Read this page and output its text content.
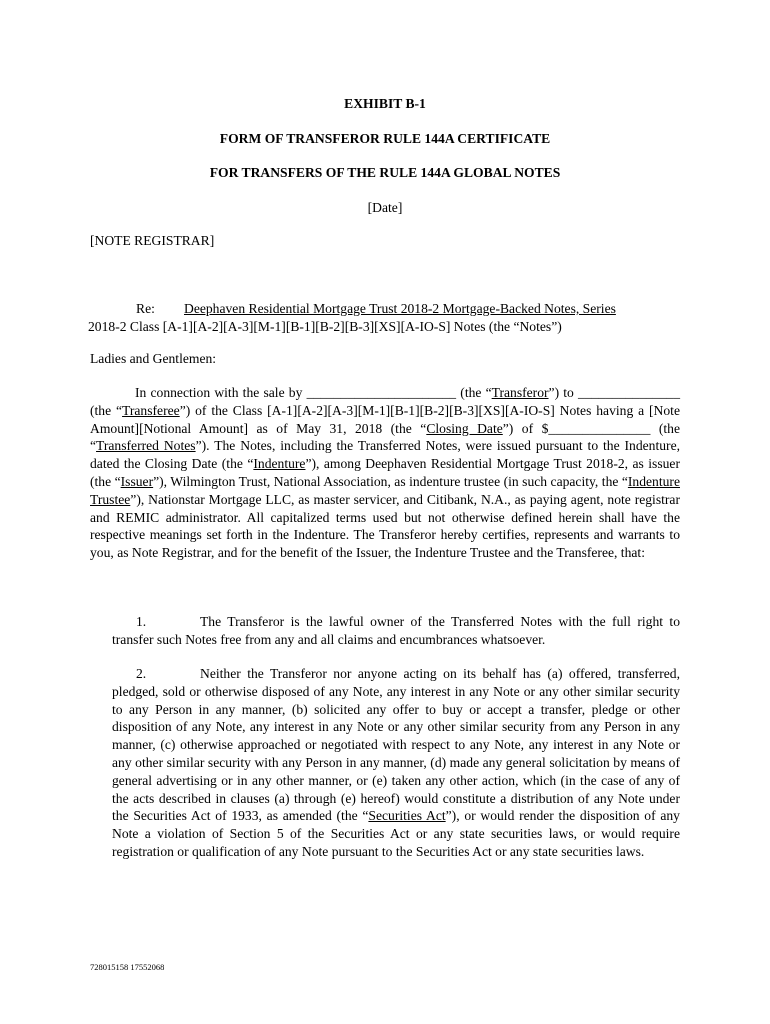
EXHIBIT B-1
FORM OF TRANSFEROR RULE 144A CERTIFICATE
FOR TRANSFERS OF THE RULE 144A GLOBAL NOTES
[Date]
[NOTE REGISTRAR]
Re:	Deephaven Residential Mortgage Trust 2018-2 Mortgage-Backed Notes, Series
2018-2 Class [A-1][A-2][A-3][M-1][B-1][B-2][B-3][XS][A-IO-S] Notes (the “Notes”)
Ladies and Gentlemen:
In connection with the sale by ______________________ (the “Transferor”) to _______________ (the “Transferee”) of the Class [A-1][A-2][A-3][M-1][B-1][B-2][B-3][XS][A-IO-S] Notes having a [Note Amount][Notional Amount] as of May 31, 2018 (the “Closing Date”) of $_______________ (the “Transferred Notes”). The Notes, including the Transferred Notes, were issued pursuant to the Indenture, dated the Closing Date (the “Indenture”), among Deephaven Residential Mortgage Trust 2018-2, as issuer (the “Issuer”), Wilmington Trust, National Association, as indenture trustee (in such capacity, the “Indenture Trustee”), Nationstar Mortgage LLC, as master servicer, and Citibank, N.A., as paying agent, note registrar and REMIC administrator. All capitalized terms used but not otherwise defined herein shall have the respective meanings set forth in the Indenture. The Transferor hereby certifies, represents and warrants to you, as Note Registrar, and for the benefit of the Issuer, the Indenture Trustee and the Transferee, that:
1.	The Transferor is the lawful owner of the Transferred Notes with the full right to transfer such Notes free from any and all claims and encumbrances whatsoever.
2.	Neither the Transferor nor anyone acting on its behalf has (a) offered, transferred, pledged, sold or otherwise disposed of any Note, any interest in any Note or any other similar security to any Person in any manner, (b) solicited any offer to buy or accept a transfer, pledge or other disposition of any Note, any interest in any Note or any other similar security from any Person in any manner, (c) otherwise approached or negotiated with respect to any Note, any interest in any Note or any other similar security with any Person in any manner, (d) made any general solicitation by means of general advertising or in any other manner, or (e) taken any other action, which (in the case of any of the acts described in clauses (a) through (e) hereof) would constitute a distribution of any Note under the Securities Act of 1933, as amended (the “Securities Act”), or would render the disposition of any Note a violation of Section 5 of the Securities Act or any state securities laws, or would require registration or qualification of any Note pursuant to the Securities Act or any state securities laws.
728015158 17552068
